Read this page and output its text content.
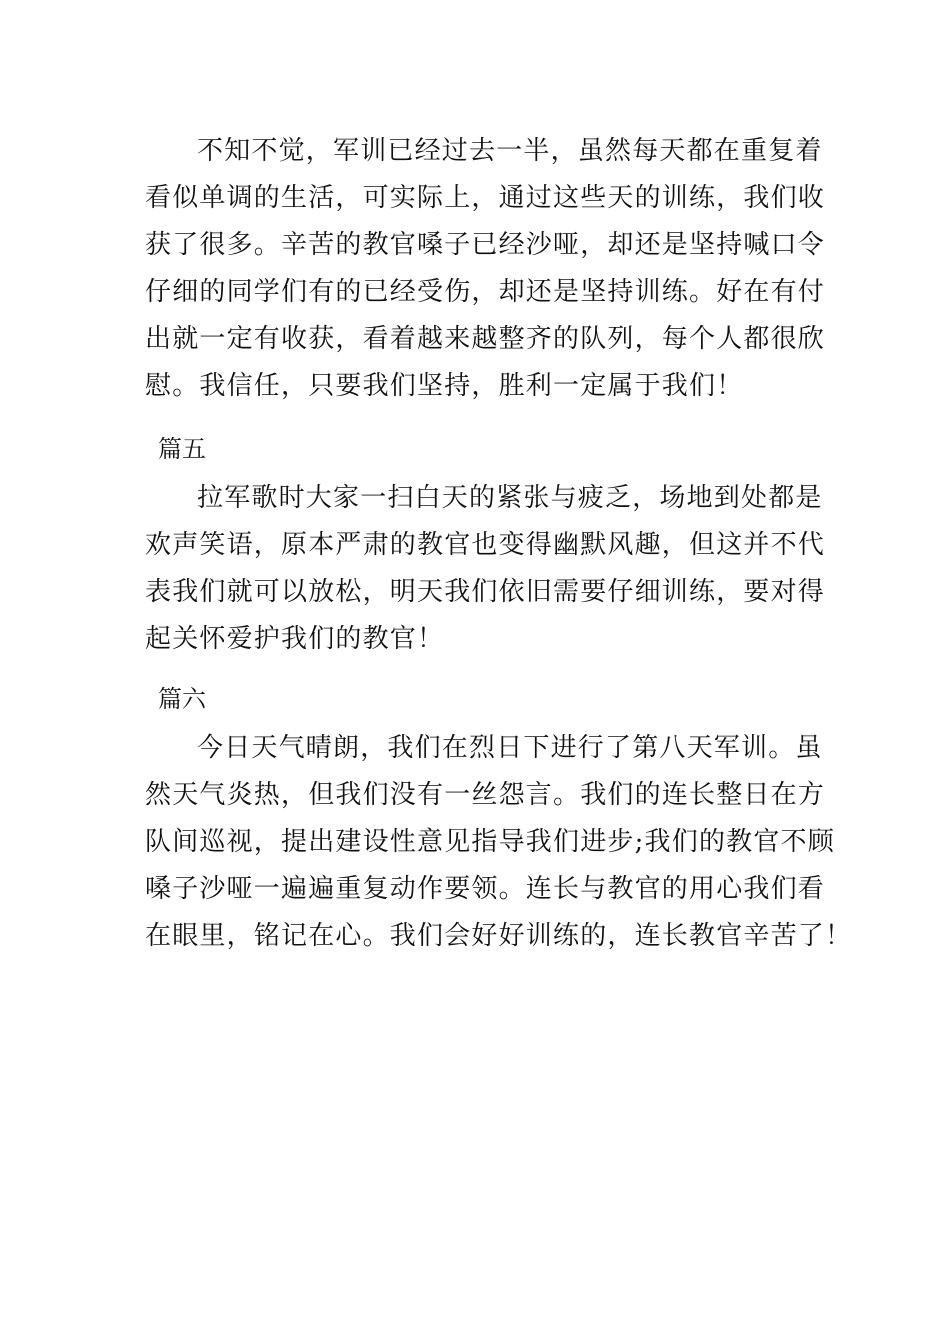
不知不觉，军训已经过去一半，虽然每天都在重复着
看似单调的生活，可实际上，通过这些天的训练，我们收
获了很多。辛苦的教官嗓子已经沙哑，却还是坚持喊口令
仔细的同学们有的已经受伤，却还是坚持训练。好在有付
出就一定有收获，看着越来越整齐的队列，每个人都很欣
慰。我信任，只要我们坚持，胜利一定属于我们！
篇五
拉军歌时大家一扫白天的紧张与疲乏，场地到处都是
欢声笑语，原本严肃的教官也变得幽默风趣，但这并不代
表我们就可以放松，明天我们依旧需要仔细训练，要对得
起关怀爱护我们的教官！
篇六
今日天气晴朗，我们在烈日下进行了第八天军训。虽
然天气炎热，但我们没有一丝怨言。我们的连长整日在方
队间巡视，提出建设性意见指导我们进步;我们的教官不顾
嗓子沙哑一遍遍重复动作要领。连长与教官的用心我们看
在眼里，铭记在心。我们会好好训练的，连长教官辛苦了！
